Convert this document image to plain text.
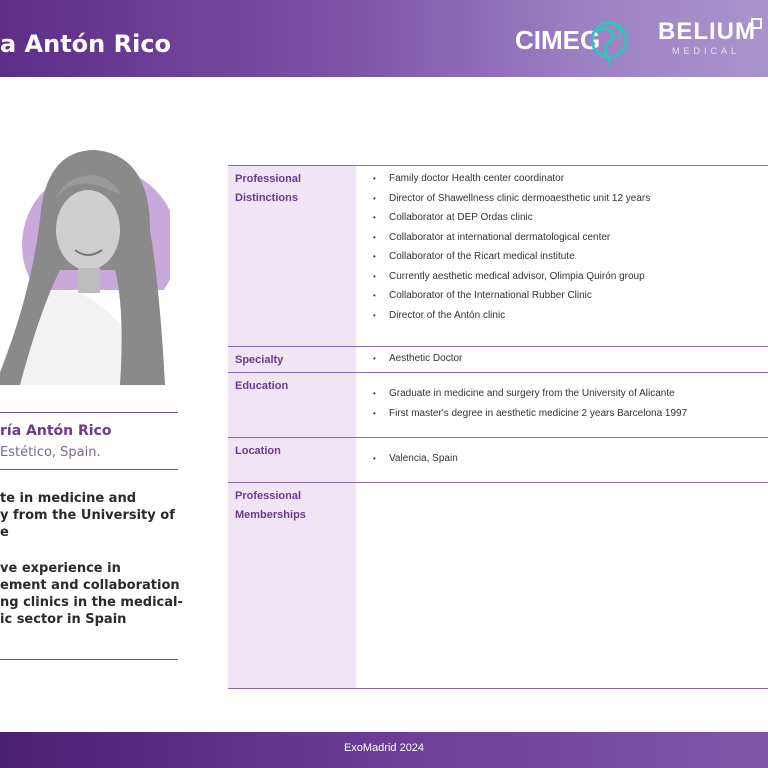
a Antón Rico	CIMEG BELIUM
MEDICAL
ría Antón Rico
Estético, Spain.
te in medicine and
y from the University of
e
ve experience in
ement and collaboration
ng clinics in the medical-
ic sector in Spain
Professional Distinctions
• Family doctor Health center coordinator
• Director of Shawellness clinic dermoaesthetic unit 12 years
• Collaborator at DEP Ordas clinic
• Collaborator at international dermatological center
• Collaborator of the Ricart medical institute
• Currently aesthetic medical advisor, Olimpia Quirón group
• Collaborator of the International Rubber Clinic
• Director of the Antón clinic
Specialty
•	Aesthetic Doctor
Education
• Graduate in medicine and surgery from the University of Alicante
• First master's degree in aesthetic medicine 2 years Barcelona 1997
Location
• Valencia, Spain
Professional Memberships
ExoMadrid 2024
